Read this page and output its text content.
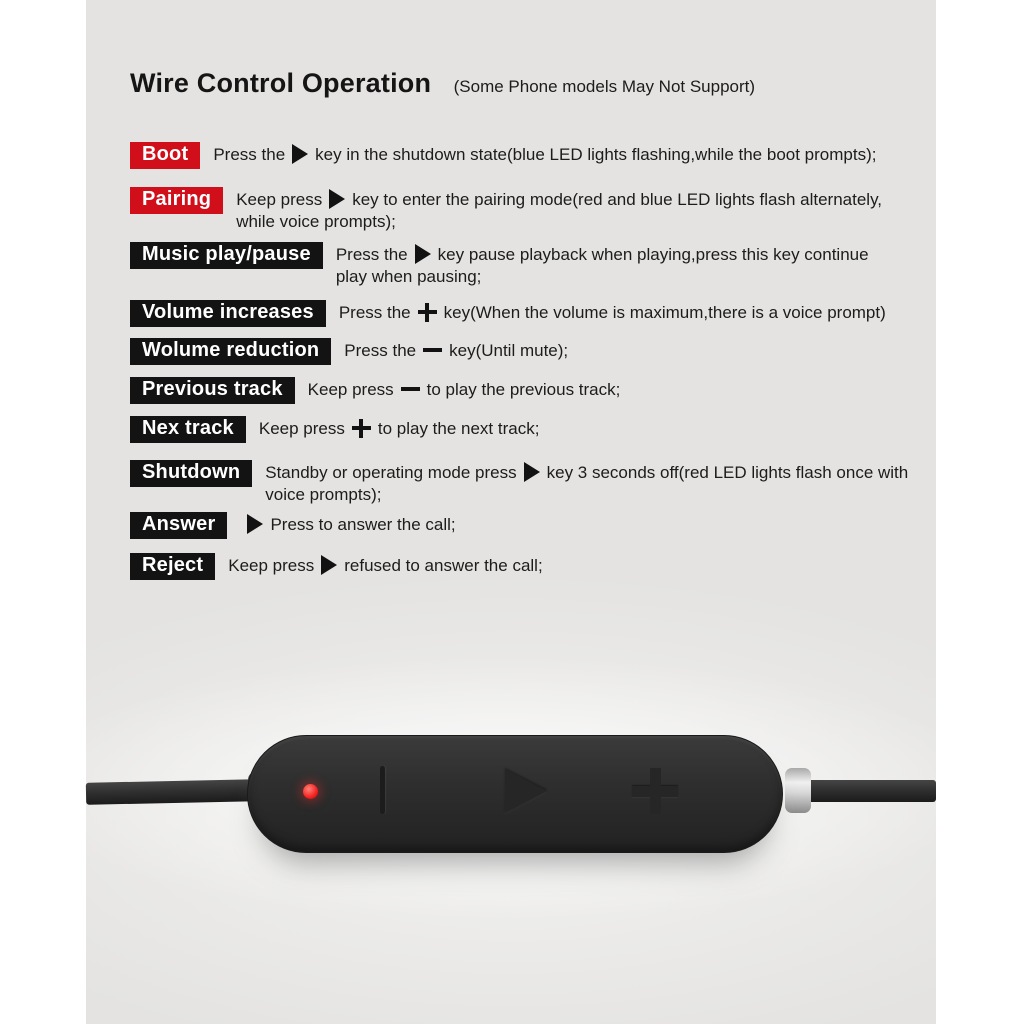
Wire Control Operation (Some Phone models May Not Support)
Boot	Press the key in the shutdown state(blue LED lights flashing,while the boot prompts);
Pairing	Keep press key to enter the pairing mode(red and blue LED lights flash alternately, while voice prompts);
Music play/pause	Press the key pause playback when playing,press this key continue play when pausing;
Volume increases	Press the key(When the volume is maximum,there is a voice prompt)
Wolume reduction	Press the key(Until mute);
Previous track	Keep press to play the previous track;
Nex track	Keep press to play the next track;
Shutdown	Standby or operating mode press key 3 seconds off(red LED lights flash once with voice prompts);
Answer	Press to answer the call;
Reject	Keep press refused to answer the call;
